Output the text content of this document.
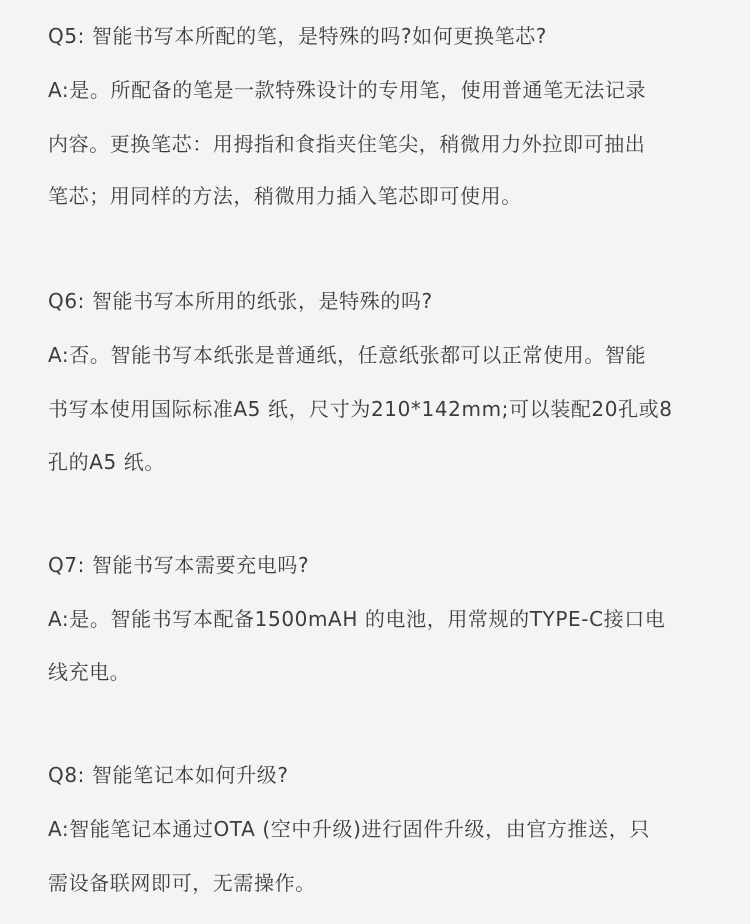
Q5: 智能书写本所配的笔，是特殊的吗?如何更换笔芯?
A:是。所配备的笔是一款特殊设计的专用笔，使用普通笔无法记录
内容。更换笔芯：用拇指和食指夹住笔尖，稍微用力外拉即可抽出
笔芯；用同样的方法，稍微用力插入笔芯即可使用。
Q6: 智能书写本所用的纸张，是特殊的吗?
A:否。智能书写本纸张是普通纸，任意纸张都可以正常使用。智能
书写本使用国际标准A5 纸，尺寸为210*142mm;可以装配20孔或8
孔的A5 纸。
Q7: 智能书写本需要充电吗?
A:是。智能书写本配备1500mAH 的电池，用常规的TYPE-C接口电
线充电。
Q8: 智能笔记本如何升级?
A:智能笔记本通过OTA (空中升级)进行固件升级，由官方推送，只
需设备联网即可，无需操作。
